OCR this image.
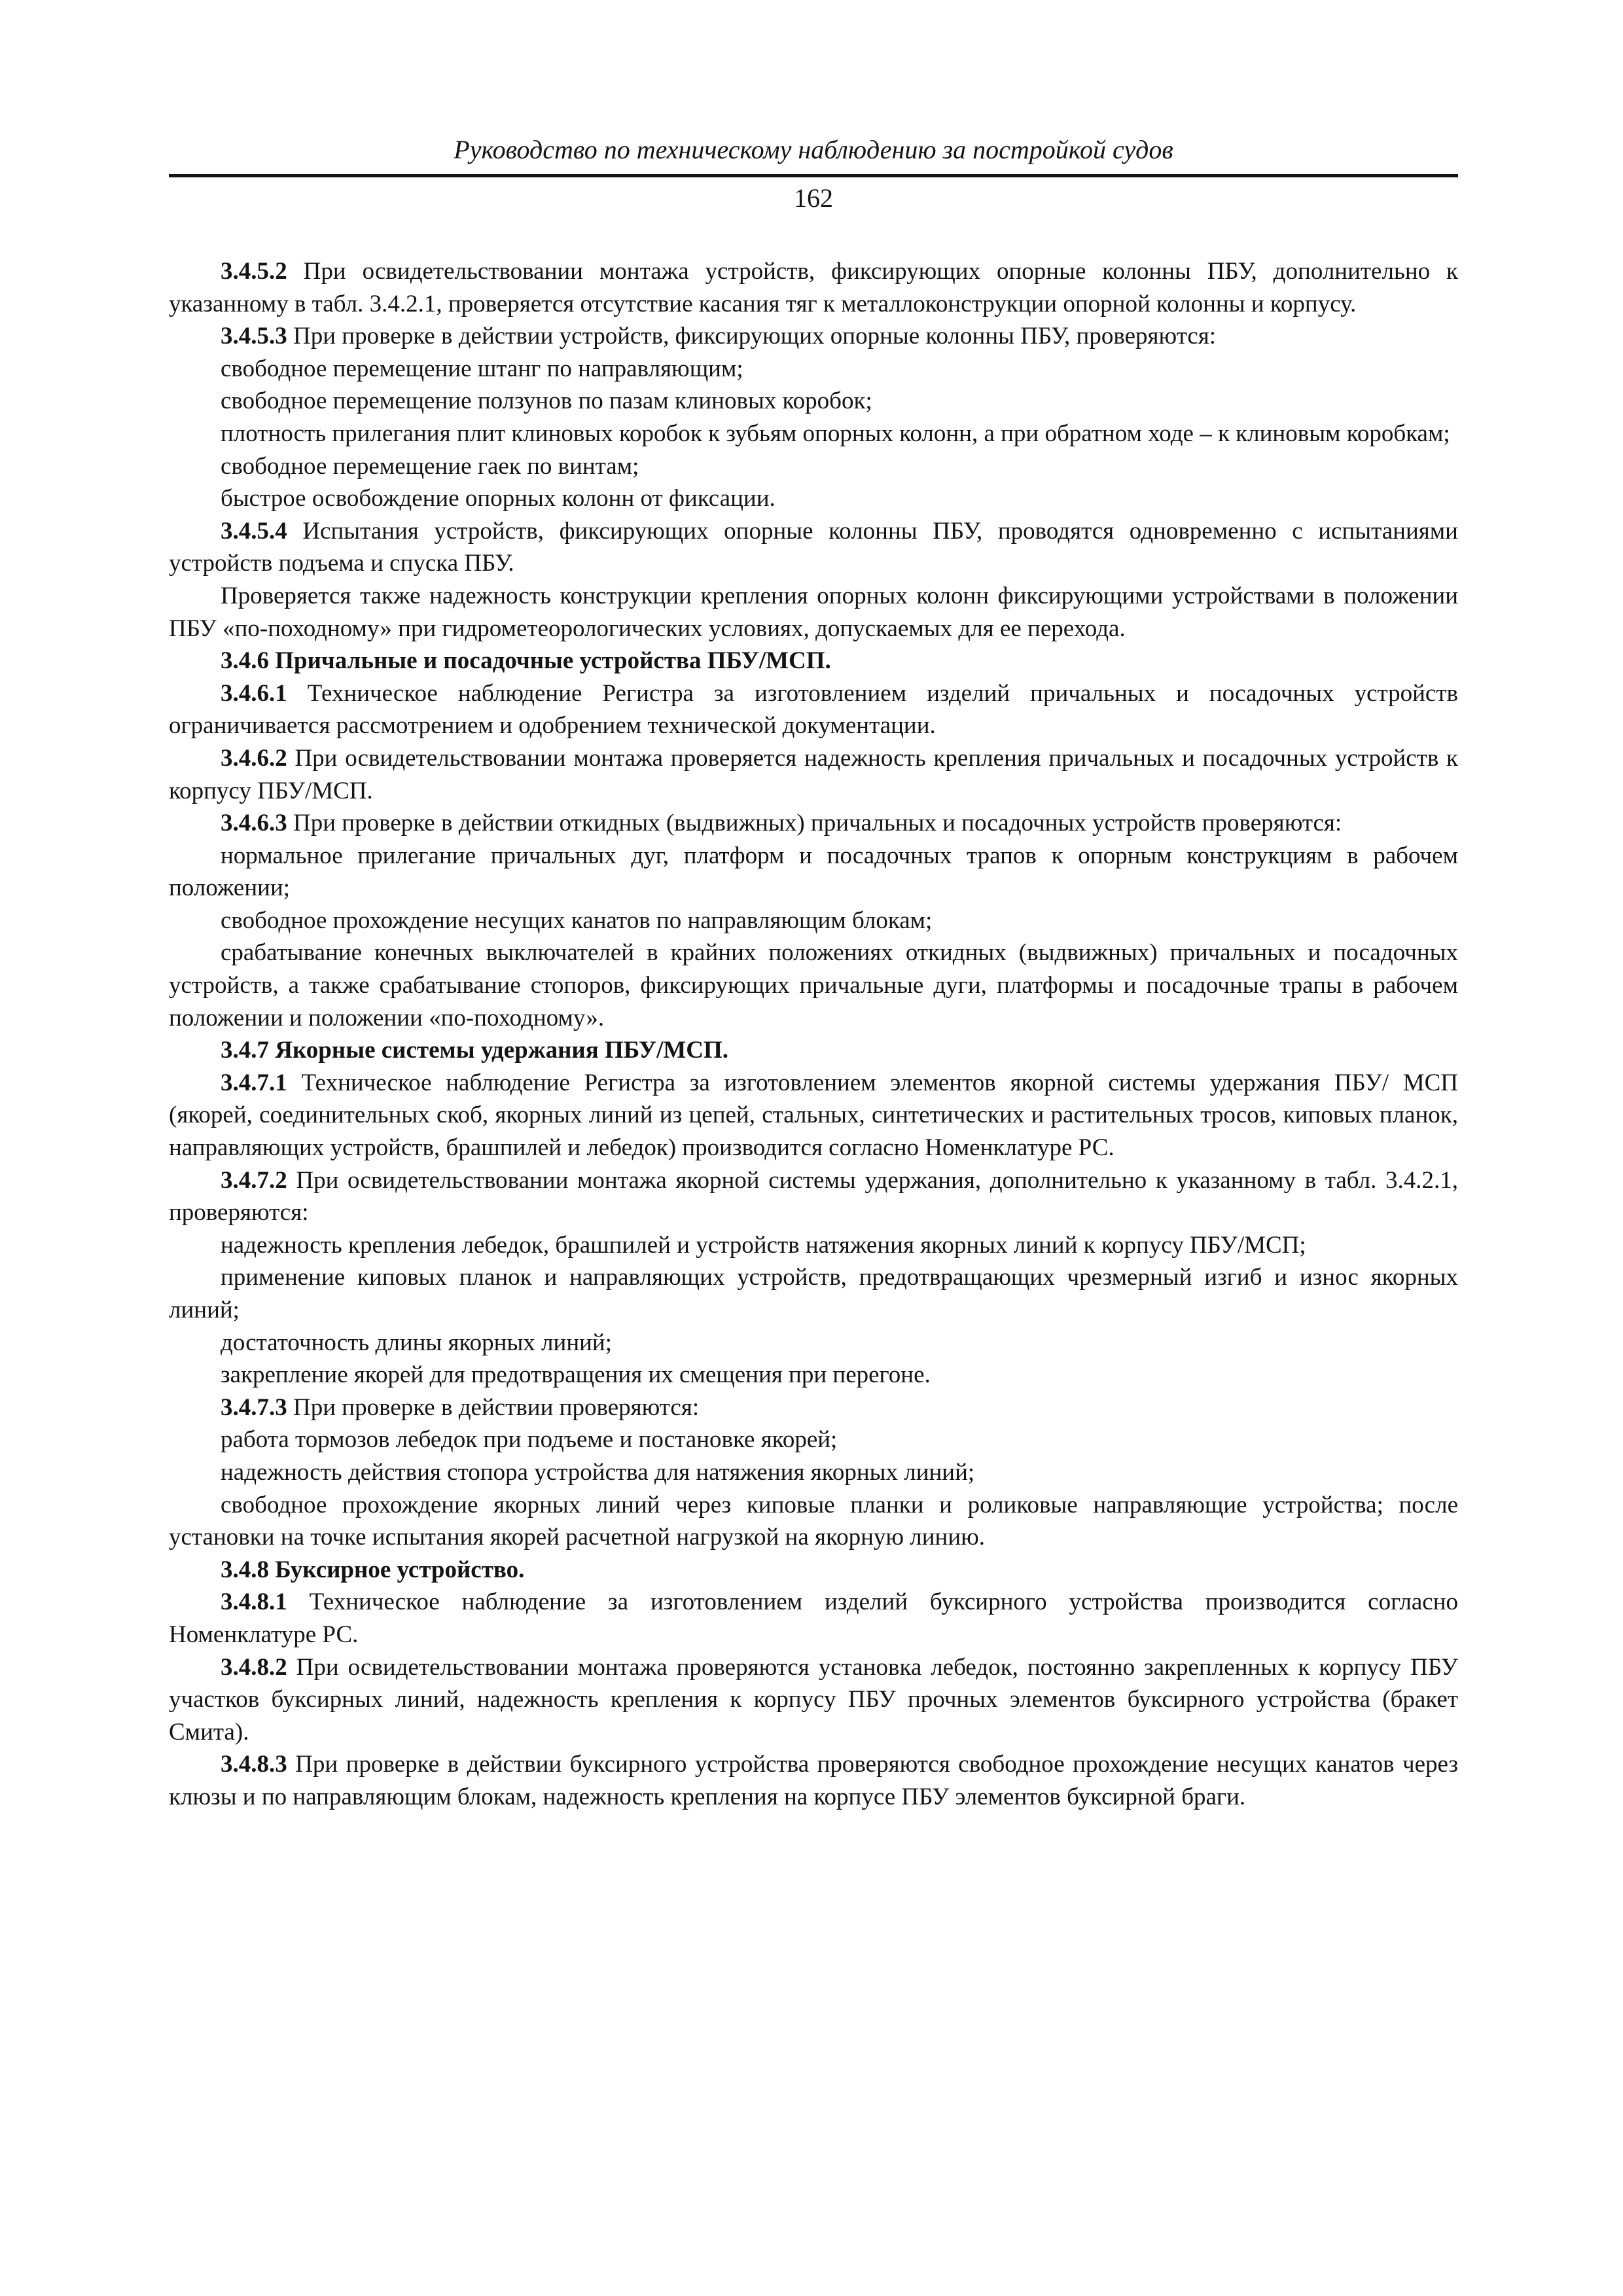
Руководство по техническому наблюдению за постройкой судов
162

3.4.5.2 При освидетельствовании монтажа устройств, фиксирующих опорные колонны ПБУ, дополнительно к указанному в табл. 3.4.2.1, проверяется отсутствие касания тяг к металлоконструкции опорной колонны и корпусу.

3.4.5.3 При проверке в действии устройств, фиксирующих опорные колонны ПБУ, проверяются:

свободное перемещение штанг по направляющим;

свободное перемещение ползунов по пазам клиновых коробок;

плотность прилегания плит клиновых коробок к зубьям опорных колонн, а при обратном ходе – к клиновым коробкам;

свободное перемещение гаек по винтам;

быстрое освобождение опорных колонн от фиксации.

3.4.5.4 Испытания устройств, фиксирующих опорные колонны ПБУ, проводятся одновременно с испытаниями устройств подъема и спуска ПБУ.

Проверяется также надежность конструкции крепления опорных колонн фиксирующими устройствами в положении ПБУ «по-походному» при гидрометеорологических условиях, допускаемых для ее перехода.

3.4.6 Причальные и посадочные устройства ПБУ/МСП.

3.4.6.1 Техническое наблюдение Регистра за изготовлением изделий причальных и посадочных устройств ограничивается рассмотрением и одобрением технической документации.

3.4.6.2 При освидетельствовании монтажа проверяется надежность крепления причальных и посадочных устройств к корпусу ПБУ/МСП.

3.4.6.3 При проверке в действии откидных (выдвижных) причальных и посадочных устройств проверяются:

нормальное прилегание причальных дуг, платформ и посадочных трапов к опорным конструкциям в рабочем положении;

свободное прохождение несущих канатов по направляющим блокам;

срабатывание конечных выключателей в крайних положениях откидных (выдвижных) причальных и посадочных устройств, а также срабатывание стопоров, фиксирующих причальные дуги, платформы и посадочные трапы в рабочем положении и положении «по-походному».

3.4.7 Якорные системы удержания ПБУ/МСП.

3.4.7.1 Техническое наблюдение Регистра за изготовлением элементов якорной системы удержания ПБУ/ МСП (якорей, соединительных скоб, якорных линий из цепей, стальных, синтетических и растительных тросов, киповых планок, направляющих устройств, брашпилей и лебедок) производится согласно Номенклатуре РС.

3.4.7.2 При освидетельствовании монтажа якорной системы удержания, дополнительно к указанному в табл. 3.4.2.1, проверяются:

надежность крепления лебедок, брашпилей и устройств натяжения якорных линий к корпусу ПБУ/МСП;

применение киповых планок и направляющих устройств, предотвращающих чрезмерный изгиб и износ якорных линий;

достаточность длины якорных линий;

закрепление якорей для предотвращения их смещения при перегоне.

3.4.7.3 При проверке в действии проверяются:

работа тормозов лебедок при подъеме и постановке якорей;

надежность действия стопора устройства для натяжения якорных линий;

свободное прохождение якорных линий через киповые планки и роликовые направляющие устройства; после установки на точке испытания якорей расчетной нагрузкой на якорную линию.

3.4.8 Буксирное устройство.

3.4.8.1 Техническое наблюдение за изготовлением изделий буксирного устройства производится согласно Номенклатуре РС.

3.4.8.2 При освидетельствовании монтажа проверяются установка лебедок, постоянно закрепленных к корпусу ПБУ участков буксирных линий, надежность крепления к корпусу ПБУ прочных элементов буксирного устройства (бракет Смита).

3.4.8.3 При проверке в действии буксирного устройства проверяются свободное прохождение несущих канатов через клюзы и по направляющим блокам, надежность крепления на корпусе ПБУ элементов буксирной браги.
